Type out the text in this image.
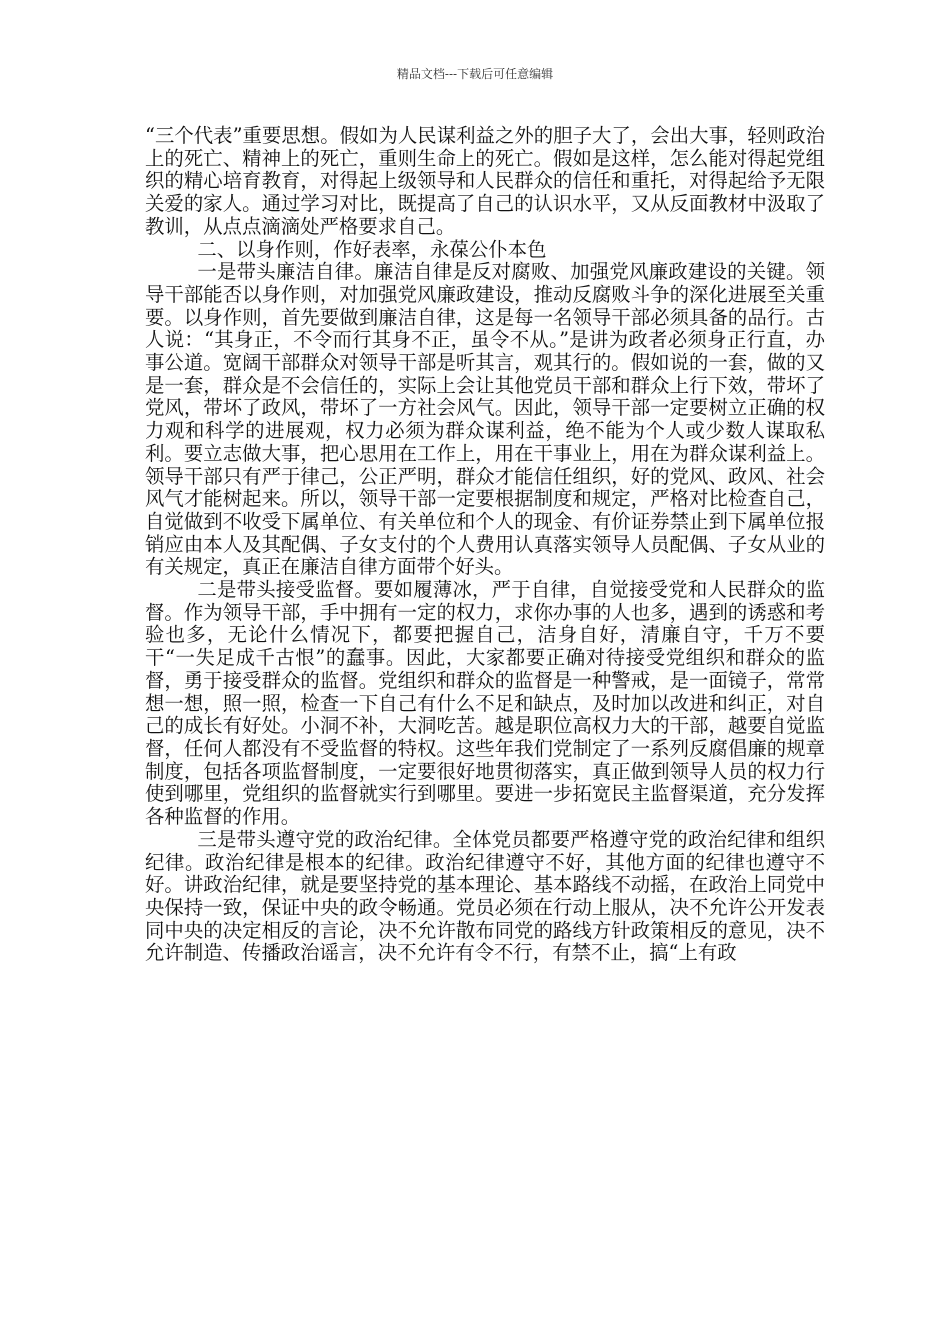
精品文档---下载后可任意编辑

“三个代表”重要思想。假如为人民谋利益之外的胆子大了，会出大事，轻则政治上的死亡、精神上的死亡，重则生命上的死亡。假如是这样，怎么能对得起党组织的精心培育教育，对得起上级领导和人民群众的信任和重托，对得起给予无限关爱的家人。通过学习对比，既提高了自己的认识水平，又从反面教材中汲取了教训，从点点滴滴处严格要求自己。

二、以身作则，作好表率，永葆公仆本色

一是带头廉洁自律。廉洁自律是反对腐败、加强党风廉政建设的关键。领导干部能否以身作则，对加强党风廉政建设，推动反腐败斗争的深化进展至关重要。以身作则，首先要做到廉洁自律，这是每一名领导干部必须具备的品行。古人说：“其身正，不令而行其身不正，虽令不从。”是讲为政者必须身正行直，办事公道。宽阔干部群众对领导干部是听其言，观其行的。假如说的一套，做的又是一套，群众是不会信任的，实际上会让其他党员干部和群众上行下效，带坏了党风，带坏了政风，带坏了一方社会风气。因此，领导干部一定要树立正确的权力观和科学的进展观，权力必须为群众谋利益，绝不能为个人或少数人谋取私利。要立志做大事，把心思用在工作上，用在干事业上，用在为群众谋利益上。领导干部只有严于律己，公正严明，群众才能信任组织，好的党风、政风、社会风气才能树起来。所以，领导干部一定要根据制度和规定，严格对比检查自己，自觉做到不收受下属单位、有关单位和个人的现金、有价证券禁止到下属单位报销应由本人及其配偶、子女支付的个人费用认真落实领导人员配偶、子女从业的有关规定，真正在廉洁自律方面带个好头。

二是带头接受监督。要如履薄冰，严于自律，自觉接受党和人民群众的监督。作为领导干部，手中拥有一定的权力，求你办事的人也多，遇到的诱惑和考验也多，无论什么情况下，都要把握自己，洁身自好，清廉自守，千万不要干“一失足成千古恨”的蠢事。因此，大家都要正确对待接受党组织和群众的监督，勇于接受群众的监督。党组织和群众的监督是一种警戒，是一面镜子，常常想一想，照一照，检查一下自己有什么不足和缺点，及时加以改进和纠正，对自己的成长有好处。小洞不补，大洞吃苦。越是职位高权力大的干部，越要自觉监督，任何人都没有不受监督的特权。这些年我们党制定了一系列反腐倡廉的规章制度，包括各项监督制度，一定要很好地贯彻落实，真正做到领导人员的权力行使到哪里，党组织的监督就实行到哪里。要进一步拓宽民主监督渠道，充分发挥各种监督的作用。

三是带头遵守党的政治纪律。全体党员都要严格遵守党的政治纪律和组织纪律。政治纪律是根本的纪律。政治纪律遵守不好，其他方面的纪律也遵守不好。讲政治纪律，就是要坚持党的基本理论、基本路线不动摇，在政治上同党中央保持一致，保证中央的政令畅通。党员必须在行动上服从，决不允许公开发表同中央的决定相反的言论，决不允许散布同党的路线方针政策相反的意见，决不允许制造、传播政治谣言，决不允许有令不行，有禁不止，搞“上有政
